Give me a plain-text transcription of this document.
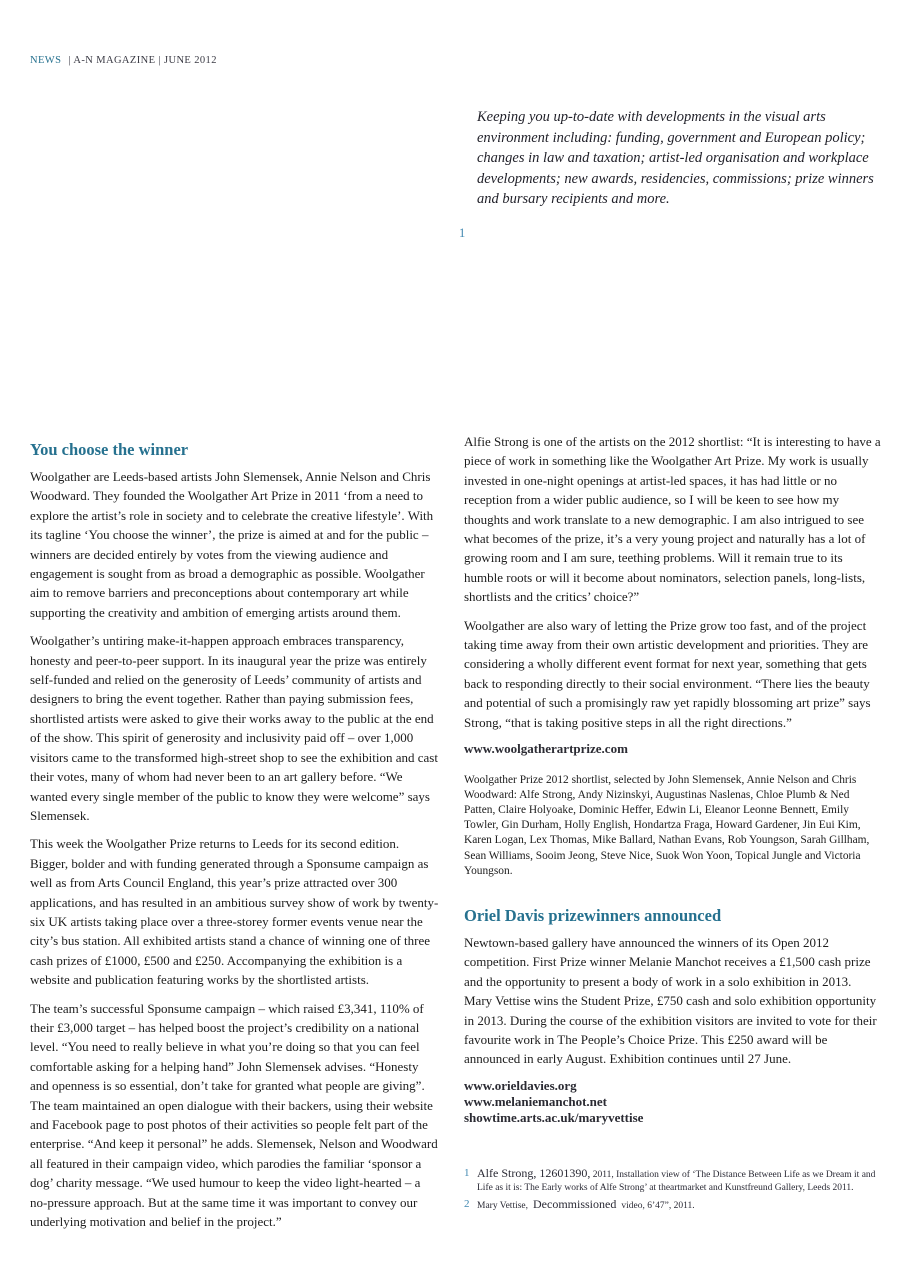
NEWS | A-N MAGAZINE | JUNE 2012
Keeping you up-to-date with developments in the visual arts
environment including: funding, government and European policy;
changes in law and taxation; artist-led organisation and workplace
developments; new awards, residencies, commissions; prize winners
and bursary recipients and more.
1
You choose the winner

Woolgather are Leeds-based artists John Slemensek, Annie Nelson and Chris Woodward. They founded the Woolgather Art Prize in 2011 ‘from a need to explore the artist’s role in society and to celebrate the creative lifestyle’. With its tagline ‘You choose the winner’, the prize is aimed at and for the public – winners are decided entirely by votes from the viewing audience and engagement is sought from as broad a demographic as possible. Woolgather aim to remove barriers and preconceptions about contemporary art while supporting the creativity and ambition of emerging artists around them.

Woolgather’s untiring make-it-happen approach embraces transparency, honesty and peer-to-peer support. In its inaugural year the prize was entirely self-funded and relied on the generosity of Leeds’ community of artists and designers to bring the event together. Rather than paying submission fees, shortlisted artists were asked to give their works away to the public at the end of the show. This spirit of generosity and inclusivity paid off – over 1,000 visitors came to the transformed high-street shop to see the exhibition and cast their votes, many of whom had never been to an art gallery before. “We wanted every single member of the public to know they were welcome” says Slemensek.

This week the Woolgather Prize returns to Leeds for its second edition. Bigger, bolder and with funding generated through a Sponsume campaign as well as from Arts Council England, this year’s prize attracted over 300 applications, and has resulted in an ambitious survey show of work by twenty-six UK artists taking place over a three-storey former events venue near the city’s bus station. All exhibited artists stand a chance of winning one of three cash prizes of £1000, £500 and £250. Accompanying the exhibition is a website and publication featuring works by the shortlisted artists.

The team’s successful Sponsume campaign – which raised £3,341, 110% of their £3,000 target – has helped boost the project’s credibility on a national level. “You need to really believe in what you’re doing so that you can feel comfortable asking for a helping hand” John Slemensek advises. “Honesty and openness is so essential, don’t take for granted what people are giving”. The team maintained an open dialogue with their backers, using their website and Facebook page to post photos of their activities so people felt part of the enterprise. “And keep it personal” he adds. Slemensek, Nelson and Woodward all featured in their campaign video, which parodies the familiar ‘sponsor a dog’ charity message. “We used humour to keep the video light-hearted – a no-pressure approach. But at the same time it was important to convey our underlying motivation and belief in the project.”

Alfie Strong is one of the artists on the 2012 shortlist: “It is interesting to have a piece of work in something like the Woolgather Art Prize. My work is usually invested in one-night openings at artist-led spaces, it has had little or no reception from a wider public audience, so I will be keen to see how my thoughts and work translate to a new demographic. I am also intrigued to see what becomes of the prize, it’s a very young project and naturally has a lot of growing room and I am sure, teething problems. Will it remain true to its humble roots or will it become about nominators, selection panels, long-lists, shortlists and the critics’ choice?”

Woolgather are also wary of letting the Prize grow too fast, and of the project taking time away from their own artistic development and priorities. They are considering a wholly different event format for next year, something that gets back to responding directly to their social environment. “There lies the beauty and potential of such a promisingly raw yet rapidly blossoming art prize” says Strong, “that is taking positive steps in all the right directions.”

www.woolgatherartprize.com

Woolgather Prize 2012 shortlist, selected by John Slemensek, Annie Nelson and Chris Woodward: Alfe Strong, Andy Nizinskyi, Augustinas Naslenas, Chloe Plumb & Ned Patten, Claire Holyoake, Dominic Heffer, Edwin Li, Eleanor Leonne Bennett, Emily Towler, Gin Durham, Holly English, Hondartza Fraga, Howard Gardener, Jin Eui Kim, Karen Logan, Lex Thomas, Mike Ballard, Nathan Evans, Rob Youngson, Sarah Gillham, Sean Williams, Sooim Jeong, Steve Nice, Suok Won Yoon, Topical Jungle and Victoria Youngson.

Oriel Davis prizewinners announced

Newtown-based gallery have announced the winners of its Open 2012 competition. First Prize winner Melanie Manchot receives a £1,500 cash prize and the opportunity to present a body of work in a solo exhibition in 2013. Mary Vettise wins the Student Prize, £750 cash and solo exhibition opportunity in 2013. During the course of the exhibition visitors are invited to vote for their favourite work in The People’s Choice Prize. This £250 award will be announced in early August. Exhibition continues until 27 June.

www.orieldavies.org
www.melaniemanchot.net
showtime.arts.ac.uk/maryvettise
1 Alfe Strong, 12601390, 2011, Installation view of ‘The Distance Between Life as we Dream it and Life as it is: The Early works of Alfe Strong’ at theartmarket and Kunstfreund Gallery, Leeds 2011.
2 Mary Vettise, Decommissioned video, 6’47”, 2011.
